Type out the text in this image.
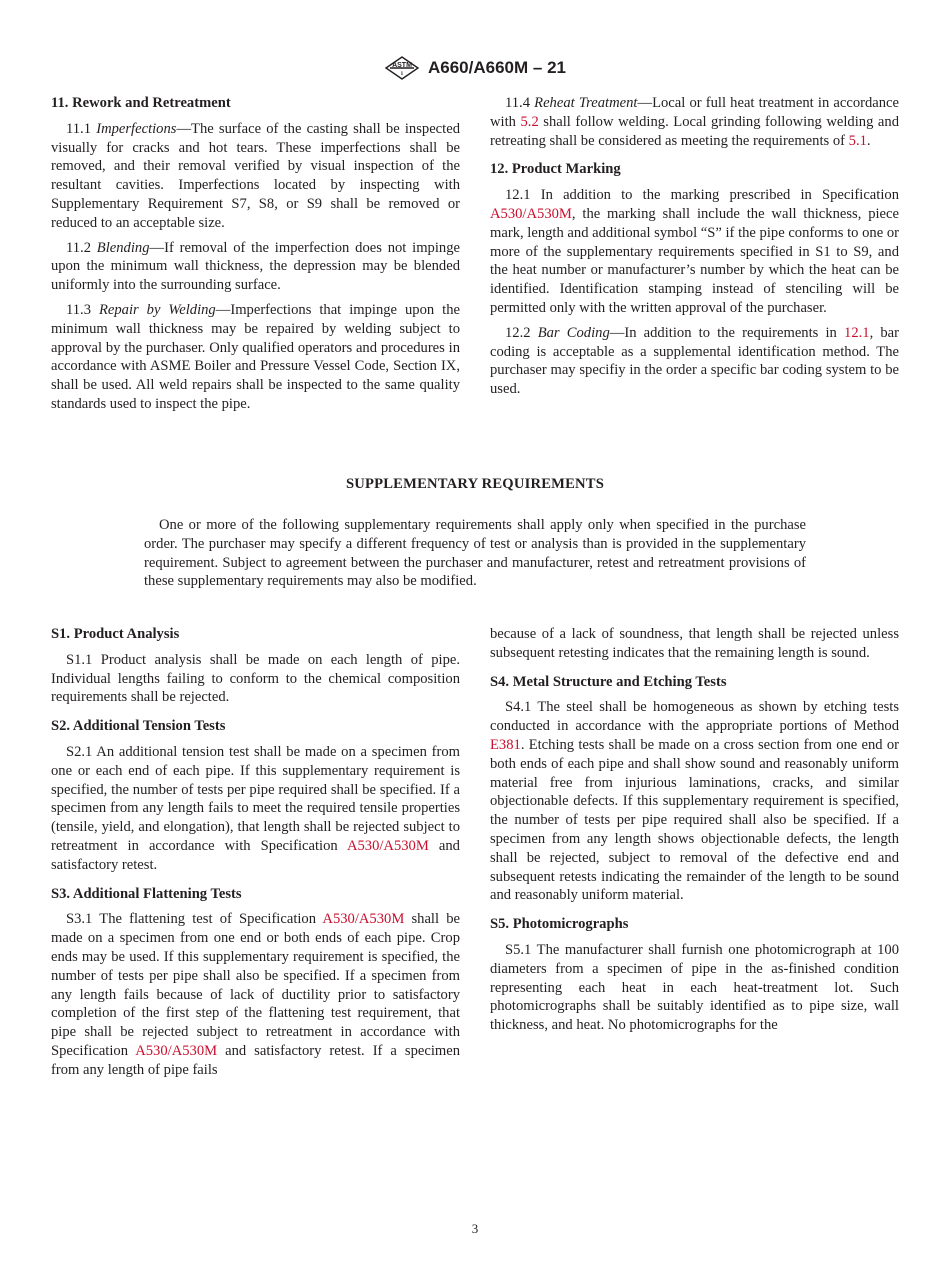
ASTM
ℹ A660/A660M – 21
11. Rework and Retreatment

11.1 Imperfections—The surface of the casting shall be inspected visually for cracks and hot tears. These imperfections shall be removed, and their removal verified by visual inspection of the resultant cavities. Imperfections located by inspecting with Supplementary Requirement S7, S8, or S9 shall be removed or reduced to an acceptable size.

11.2 Blending—If removal of the imperfection does not impinge upon the minimum wall thickness, the depression may be blended uniformly into the surrounding surface.

11.3 Repair by Welding—Imperfections that impinge upon the minimum wall thickness may be repaired by welding subject to approval by the purchaser. Only qualified operators and procedures in accordance with ASME Boiler and Pressure Vessel Code, Section IX, shall be used. All weld repairs shall be inspected to the same quality standards used to inspect the pipe.

11.4 Reheat Treatment—Local or full heat treatment in accordance with 5.2 shall follow welding. Local grinding following welding and retreating shall be considered as meeting the requirements of 5.1.

12. Product Marking

12.1 In addition to the marking prescribed in Specification A530/A530M, the marking shall include the wall thickness, piece mark, length and additional symbol “S” if the pipe conforms to one or more of the supplementary requirements specified in S1 to S9, and the heat number or manufacturer’s number by which the heat can be identified. Identification stamping instead of stenciling will be permitted only with the written approval of the purchaser.

12.2 Bar Coding—In addition to the requirements in 12.1, bar coding is acceptable as a supplemental identification method. The purchaser may specifiy in the order a specific bar coding system to be used.

SUPPLEMENTARY REQUIREMENTS

One or more of the following supplementary requirements shall apply only when specified in the purchase order. The purchaser may specify a different frequency of test or analysis than is provided in the supplementary requirement. Subject to agreement between the purchaser and manufacturer, retest and retreatment provisions of these supplementary requirements may also be modified.

S1. Product Analysis

S1.1 Product analysis shall be made on each length of pipe. Individual lengths failing to conform to the chemical composition requirements shall be rejected.

S2. Additional Tension Tests

S2.1 An additional tension test shall be made on a specimen from one or each end of each pipe. If this supplementary requirement is specified, the number of tests per pipe required shall be specified. If a specimen from any length fails to meet the required tensile properties (tensile, yield, and elongation), that length shall be rejected subject to retreatment in accordance with Specification A530/A530M and satisfactory retest.

S3. Additional Flattening Tests

S3.1 The flattening test of Specification A530/A530M shall be made on a specimen from one end or both ends of each pipe. Crop ends may be used. If this supplementary requirement is specified, the number of tests per pipe shall also be specified. If a specimen from any length fails because of lack of ductility prior to satisfactory completion of the first step of the flattening test requirement, that pipe shall be rejected subject to retreatment in accordance with Specification A530/A530M and satisfactory retest. If a specimen from any length of pipe fails

because of a lack of soundness, that length shall be rejected unless subsequent retesting indicates that the remaining length is sound.

S4. Metal Structure and Etching Tests

S4.1 The steel shall be homogeneous as shown by etching tests conducted in accordance with the appropriate portions of Method E381. Etching tests shall be made on a cross section from one end or both ends of each pipe and shall show sound and reasonably uniform material free from injurious laminations, cracks, and similar objectionable defects. If this supplementary requirement is specified, the number of tests per pipe required shall also be specified. If a specimen from any length shows objectionable defects, the length shall be rejected, subject to removal of the defective end and subsequent retests indicating the remainder of the length to be sound and reasonably uniform material.

S5. Photomicrographs

S5.1 The manufacturer shall furnish one photomicrograph at 100 diameters from a specimen of pipe in the as-finished condition representing each heat in each heat-treatment lot. Such photomicrographs shall be suitably identified as to pipe size, wall thickness, and heat. No photomicrographs for the

3
